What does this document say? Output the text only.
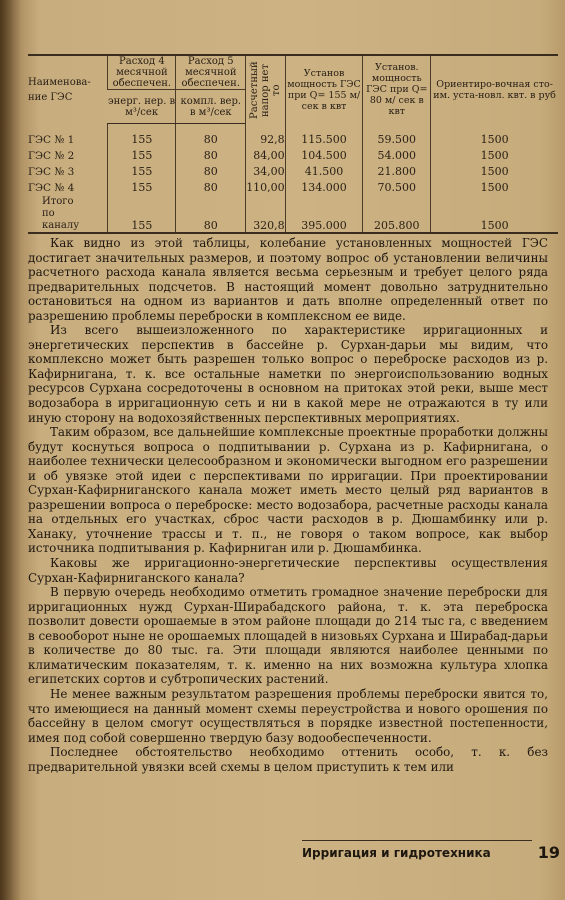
Наименова-ние ГЭС	Расход 4 месячной обеспечен.	Расход 5 месячной обеспечен.	Расчетный напор нет то	Установ мощность ГЭС при Q= 155 м/ сек в квт	Установ. мощность ГЭС при Q= 80 м/ сек в квт	Ориентиро-вочная сто-им. уста-новл. квт. в руб
	энерг. нер. в м³/сек	компл. вер. в м³/сек				

ГЭС № 1	155	80	92,8	115.500	59.500	1500
ГЭС № 2	155	80	84,00	104.500	54.000	1500
ГЭС № 3	155	80	34,00	41.500	21.800	1500
ГЭС № 4	155	80	110,00	134.000	70.500	1500
Итого по каналу	155	80	320,8	395.000	205.800	1500

Как видно из этой таблицы, колебание установленных мощностей ГЭС достигает значительных размеров, и поэтому вопрос об установлении величины расчетного расхода канала является весьма серьезным и требует целого ряда предварительных подсчетов. В настоящий момент довольно затруднительно остановиться на одном из вариантов и дать вполне определенный ответ по разрешению проблемы переброски в комплексном ее виде.

Из всего вышеизложенного по характеристике ирригационных и энергетических перспектив в бассейне р. Сурхан-дарьи мы видим, что комплексно может быть разрешен только вопрос о переброске расходов из р. Кафирнигана, т. к. все остальные наметки по энергоиспользованию водных ресурсов Сурхана сосредоточены в основном на притоках этой реки, выше мест водозабора в ирригационную сеть и ни в какой мере не отражаются в ту или иную сторону на водохозяйственных перспективных мероприятиях.

Таким образом, все дальнейшие комплексные проектные проработки должны будут коснуться вопроса о подпитывании р. Сурхана из р. Кафирнигана, о наиболее технически целесообразном и экономически выгодном его разрешении и об увязке этой идеи с перспективами по ирригации. При проектировании Сурхан-Кафирниганского канала может иметь место целый ряд вариантов в разрешении вопроса о переброске: место водозабора, расчетные расходы канала на отдельных его участках, сброс части расходов в р. Дюшамбинку или р. Ханаку, уточнение трассы и т. п., не говоря о таком вопросе, как выбор источника подпитывания р. Кафирниган или р. Дюшамбинка.

Каковы же ирригационно-энергетические перспективы осуществления Сурхан-Кафирниганского канала?

В первую очередь необходимо отметить громадное значение переброски для ирригационных нужд Сурхан-Ширабадского района, т. к. эта переброска позволит довести орошаемые в этом районе площади до 214 тыс га, с введением в севооборот ныне не орошаемых площадей в низовьях Сурхана и Ширабад-дарьи в количестве до 80 тыс. га. Эти площади являются наиболее ценными по климатическим показателям, т. к. именно на них возможна культура хлопка египетских сортов и субтропических растений.

Не менее важным результатом разрешения проблемы переброски явится то, что имеющиеся на данный момент схемы переустройства и нового орошения по бассейну в целом смогут осуществляться в порядке известной постепенности, имея под собой совершенно твердую базу водообеспеченности.

Последнее обстоятельство необходимо оттенить особо, т. к. без предварительной увязки всей схемы в целом приступить к тем или

Ирригация и гидротехника	19
